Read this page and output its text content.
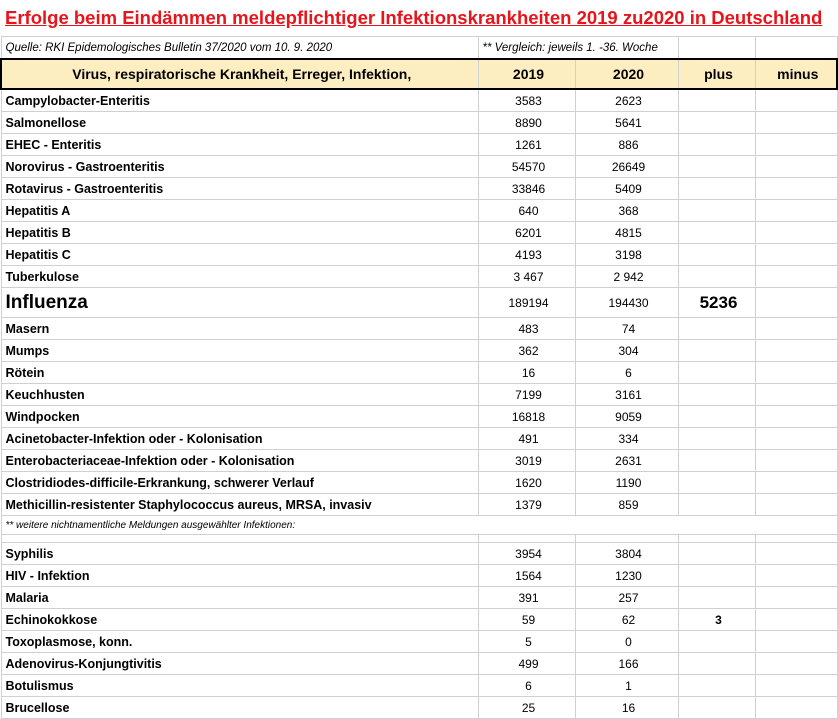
Erfolge beim Eindämmen meldepflichtiger Infektionskrankheiten 2019 zu2020 in Deutschland
Quelle: RKI Epidemologisches Bulletin 37/2020 vom 10. 9. 2020	** Vergleich: jeweils 1. -36. Woche			
Virus, respiratorische Krankheit, Erreger, Infektion,	2019	2020	plus	minus
Campylobacter-Enteritis	3583	2623		
Salmonellose	8890	5641		
EHEC - Enteritis	1261	886		
Norovirus - Gastroenteritis	54570	26649		
Rotavirus - Gastroenteritis	33846	5409		
Hepatitis A	640	368		
Hepatitis B	6201	4815		
Hepatitis C	4193	3198		
Tuberkulose	3 467	2 942		
Influenza	189194	194430	5236	
Masern	483	74		
Mumps	362	304		
Rötein	16	6		
Keuchhusten	7199	3161		
Windpocken	16818	9059		
Acinetobacter-Infektion oder - Kolonisation	491	334		
Enterobacteriaceae-Infektion oder - Kolonisation	3019	2631		
Clostridiodes-difficile-Erkrankung, schwerer Verlauf	1620	1190		
Methicillin-resistenter Staphylococcus aureus, MRSA, invasiv	1379	859		
** weitere nichtnamentliche Meldungen ausgewählter Infektionen:				

Syphilis	3954	3804		
HIV - Infektion	1564	1230		
Malaria	391	257		
Echinokokkose	59	62	3	
Toxoplasmose, konn.	5	0		
Adenovirus-Konjungtivitis	499	166		
Botulismus	6	1		
Brucellose	25	16		
